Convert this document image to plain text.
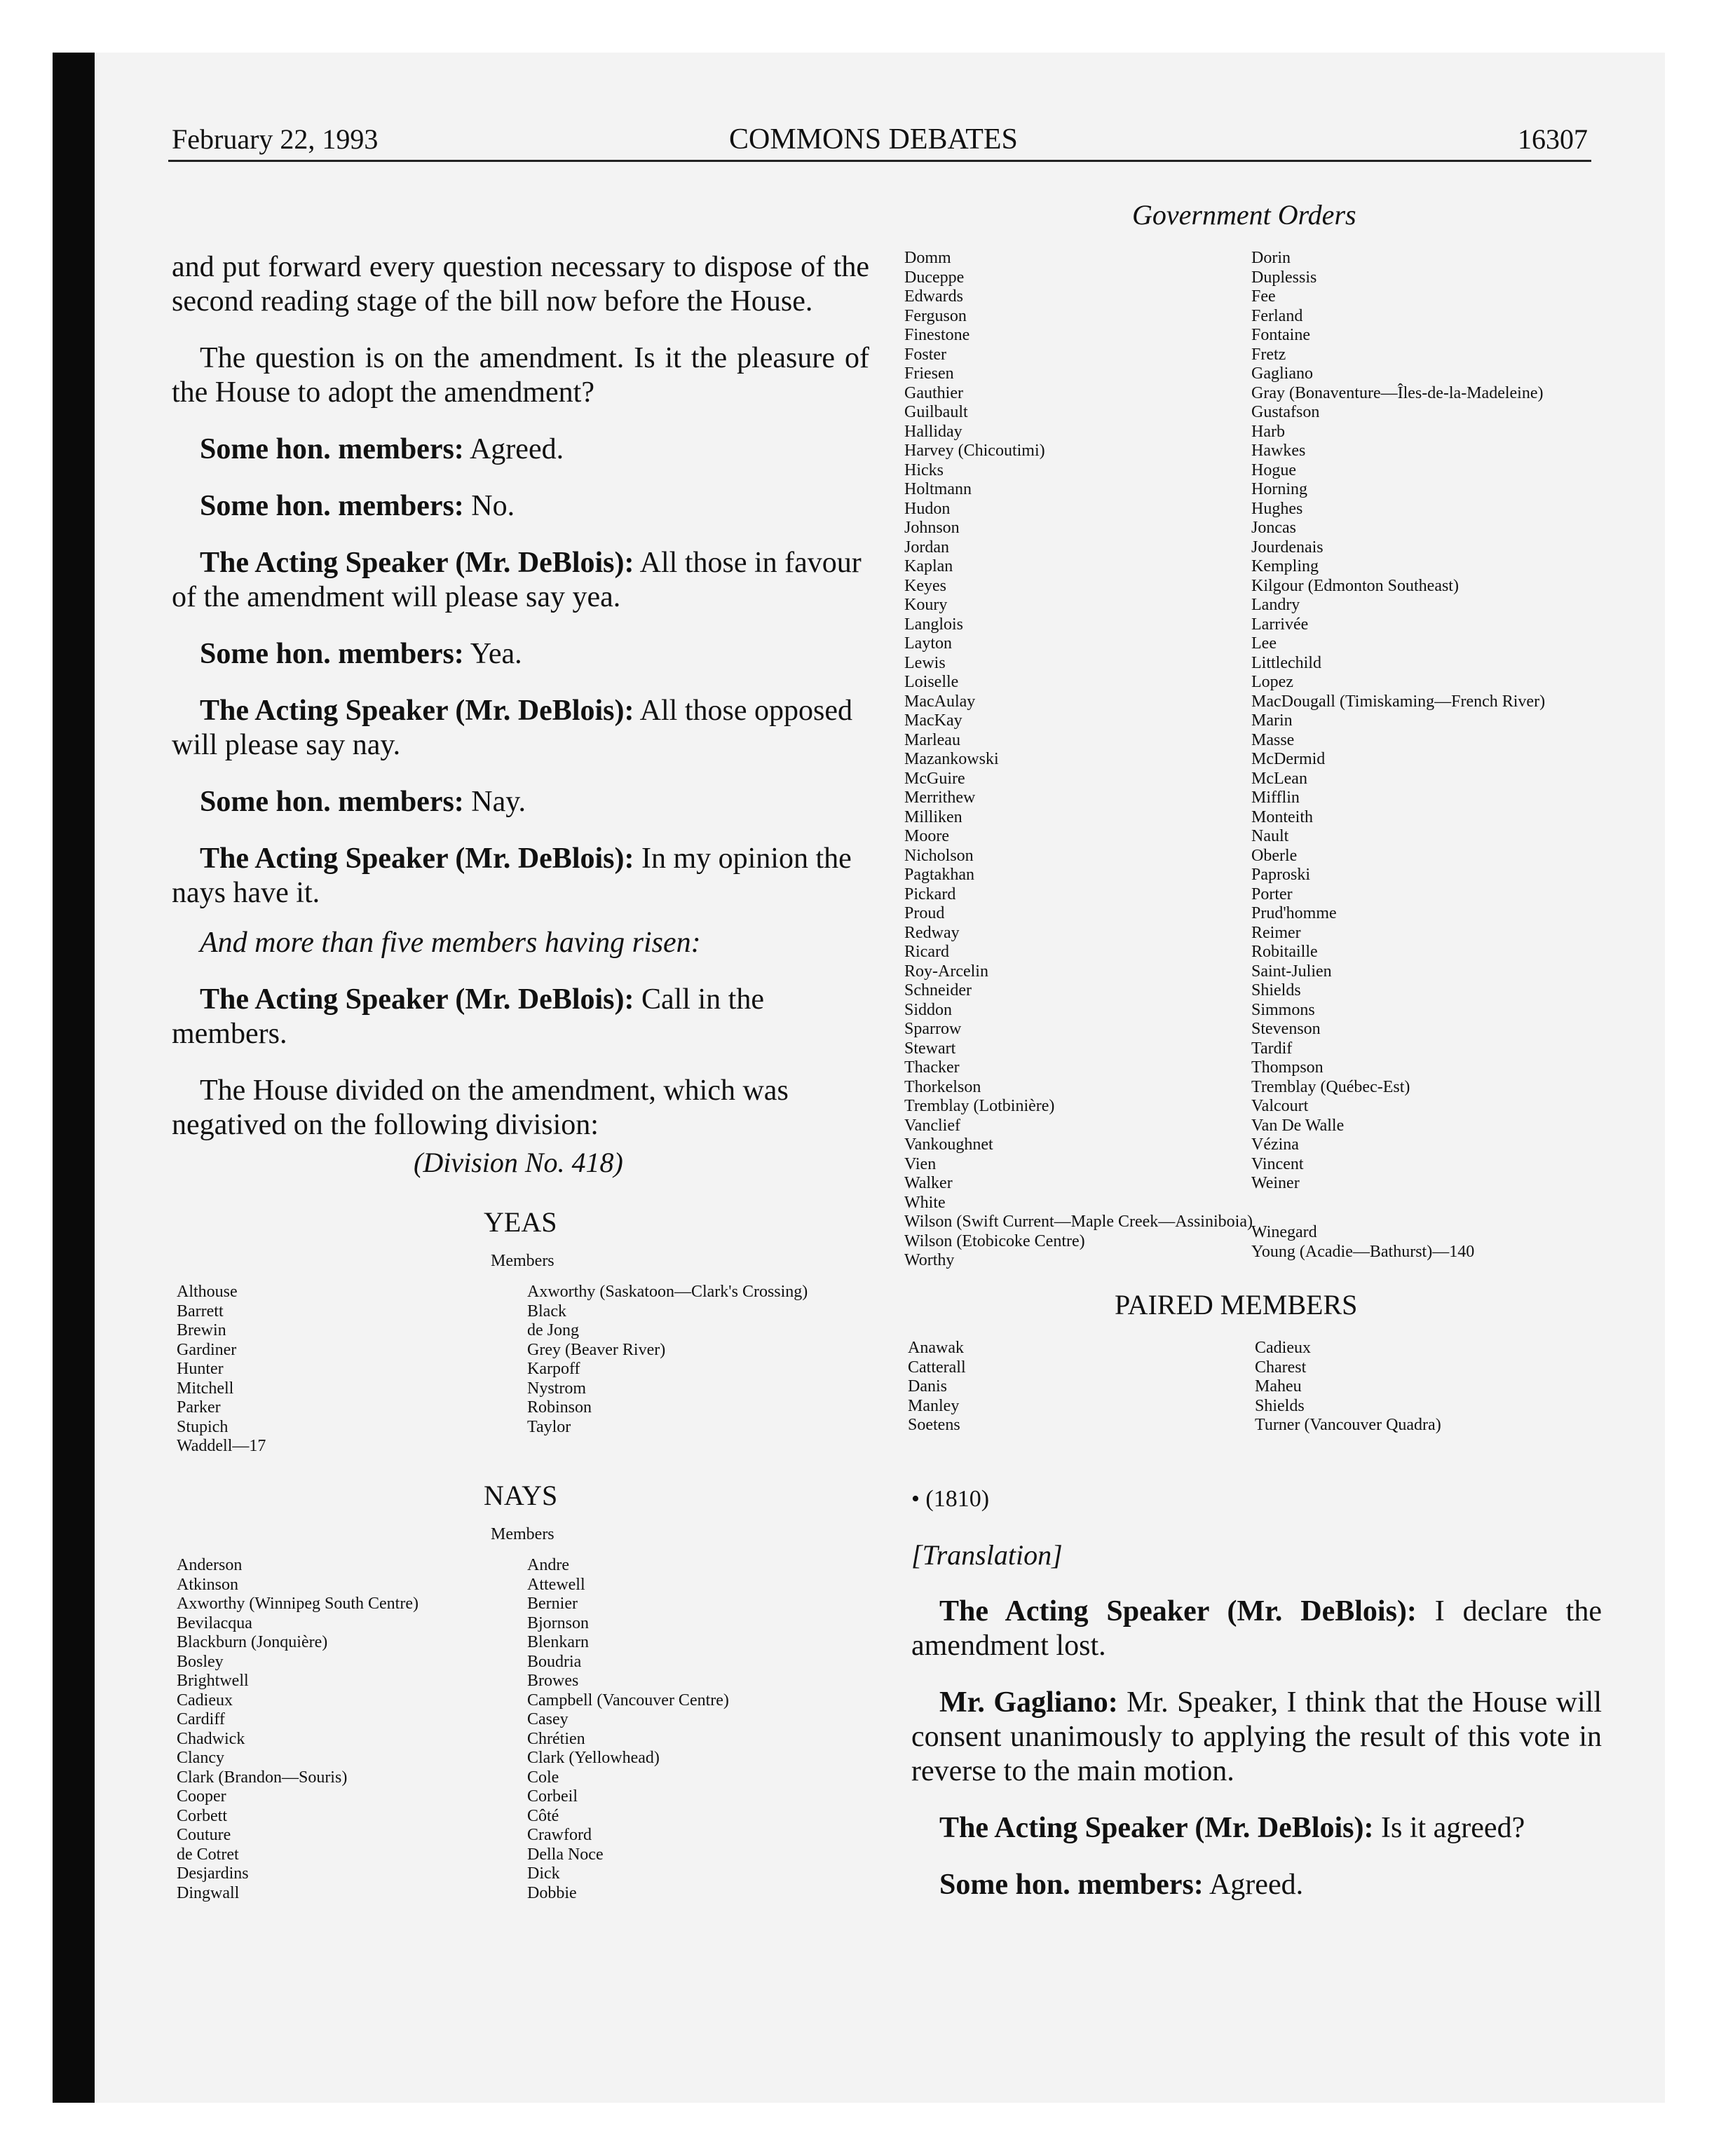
February 22, 1993	COMMONS DEBATES	16307
Government Orders

and put forward every question necessary to dispose of the second reading stage of the bill now before the House.

The question is on the amendment. Is it the pleasure of the House to adopt the amendment?

Some hon. members: Agreed.

Some hon. members: No.

The Acting Speaker (Mr. DeBlois): All those in favour of the amendment will please say yea.

Some hon. members: Yea.

The Acting Speaker (Mr. DeBlois): All those opposed will please say nay.

Some hon. members: Nay.

The Acting Speaker (Mr. DeBlois): In my opinion the nays have it.

And more than five members having risen:

The Acting Speaker (Mr. DeBlois): Call in the members.

The House divided on the amendment, which was negatived on the following division:

(Division No. 418)
YEAS
Members
Althouse
Barrett
Brewin
Gardiner
Hunter
Mitchell
Parker
Stupich
Waddell—17
Axworthy (Saskatoon—Clark's Crossing)
Black
de Jong
Grey (Beaver River)
Karpoff
Nystrom
Robinson
Taylor
NAYS
Members
Anderson
Atkinson
Axworthy (Winnipeg South Centre)
Bevilacqua
Blackburn (Jonquière)
Bosley
Brightwell
Cadieux
Cardiff
Chadwick
Clancy
Clark (Brandon—Souris)
Cooper
Corbett
Couture
de Cotret
Desjardins
Dingwall
Andre
Attewell
Bernier
Bjornson
Blenkarn
Boudria
Browes
Campbell (Vancouver Centre)
Casey
Chrétien
Clark (Yellowhead)
Cole
Corbeil
Côté
Crawford
Della Noce
Dick
Dobbie
Domm
Duceppe
Edwards
Ferguson
Finestone
Foster
Friesen
Gauthier
Guilbault
Halliday
Harvey (Chicoutimi)
Hicks
Holtmann
Hudon
Johnson
Jordan
Kaplan
Keyes
Koury
Langlois
Layton
Lewis
Loiselle
MacAulay
MacKay
Marleau
Mazankowski
McGuire
Merrithew
Milliken
Moore
Nicholson
Pagtakhan
Pickard
Proud
Redway
Ricard
Roy-Arcelin
Schneider
Siddon
Sparrow
Stewart
Thacker
Thorkelson
Tremblay (Lotbinière)
Vanclief
Vankoughnet
Vien
Walker
White
Wilson (Swift Current—Maple Creek—Assiniboia)
Wilson (Etobicoke Centre)
Worthy
Dorin
Duplessis
Fee
Ferland
Fontaine
Fretz
Gagliano
Gray (Bonaventure—Îles-de-la-Madeleine)
Gustafson
Harb
Hawkes
Hogue
Horning
Hughes
Joncas
Jourdenais
Kempling
Kilgour (Edmonton Southeast)
Landry
Larrivée
Lee
Littlechild
Lopez
MacDougall (Timiskaming—French River)
Marin
Masse
McDermid
McLean
Mifflin
Monteith
Nault
Oberle
Paproski
Porter
Prud'homme
Reimer
Robitaille
Saint-Julien
Shields
Simmons
Stevenson
Tardif
Thompson
Tremblay (Québec-Est)
Valcourt
Van De Walle
Vézina
Vincent
Weiner
Winegard
Young (Acadie—Bathurst)—140
PAIRED MEMBERS
Anawak
Catterall
Danis
Manley
Soetens
Cadieux
Charest
Maheu
Shields
Turner (Vancouver Quadra)
• (1810)
[Translation]

The Acting Speaker (Mr. DeBlois): I declare the amendment lost.

Mr. Gagliano: Mr. Speaker, I think that the House will consent unanimously to applying the result of this vote in reverse to the main motion.

The Acting Speaker (Mr. DeBlois): Is it agreed?

Some hon. members: Agreed.
